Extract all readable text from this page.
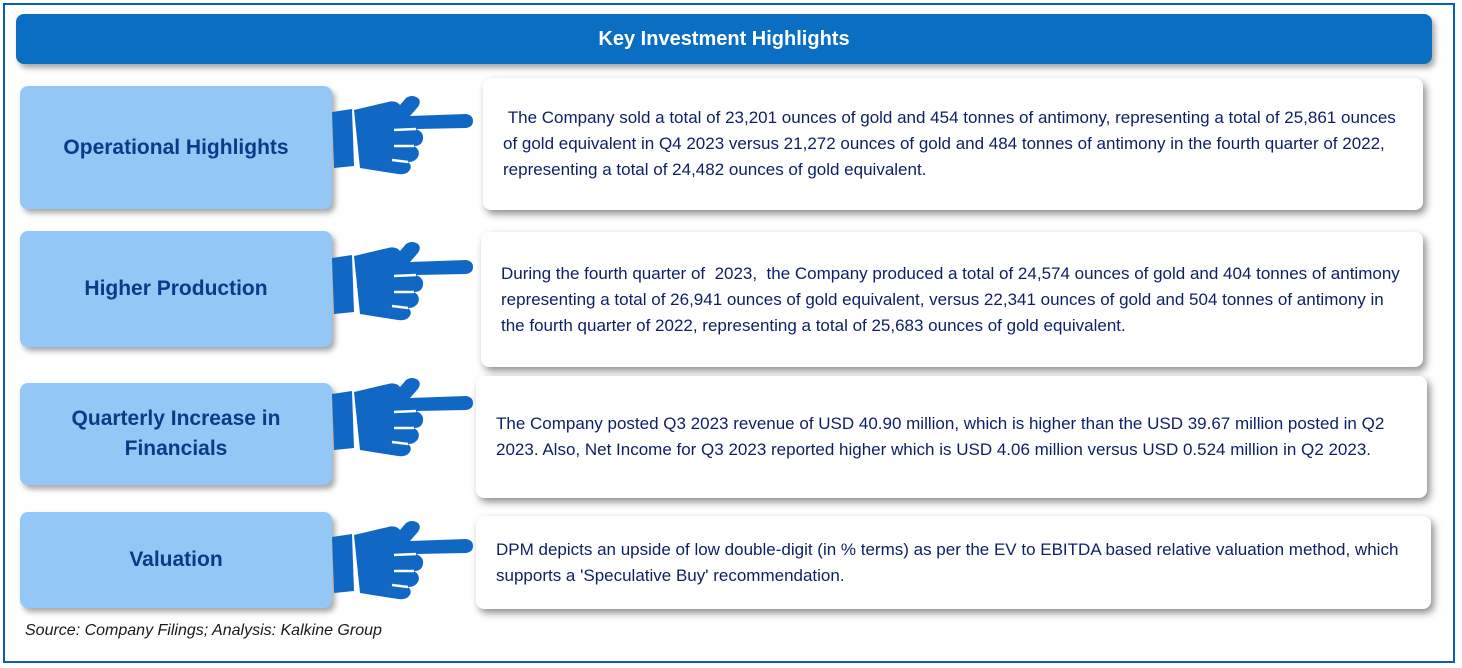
Key Investment Highlights
Operational Highlights
The Company sold a total of 23,201 ounces of gold and 454 tonnes of antimony, representing a total of 25,861 ounces of gold equivalent in Q4 2023 versus 21,272 ounces of gold and 484 tonnes of antimony in the fourth quarter of 2022, representing a total of 24,482 ounces of gold equivalent.
Higher Production
During the fourth quarter of  2023,  the Company produced a total of 24,574 ounces of gold and 404 tonnes of antimony representing a total of 26,941 ounces of gold equivalent, versus 22,341 ounces of gold and 504 tonnes of antimony in the fourth quarter of 2022, representing a total of 25,683 ounces of gold equivalent.
Quarterly Increase in Financials
The Company posted Q3 2023 revenue of USD 40.90 million, which is higher than the USD 39.67 million posted in Q2 2023. Also, Net Income for Q3 2023 reported higher which is USD 4.06 million versus USD 0.524 million in Q2 2023.
Valuation	DPM depicts an upside of low double-digit (in % terms) as per the EV to EBITDA based relative valuation method, which supports a 'Speculative Buy' recommendation.
Source: Company Filings; Analysis: Kalkine Group
